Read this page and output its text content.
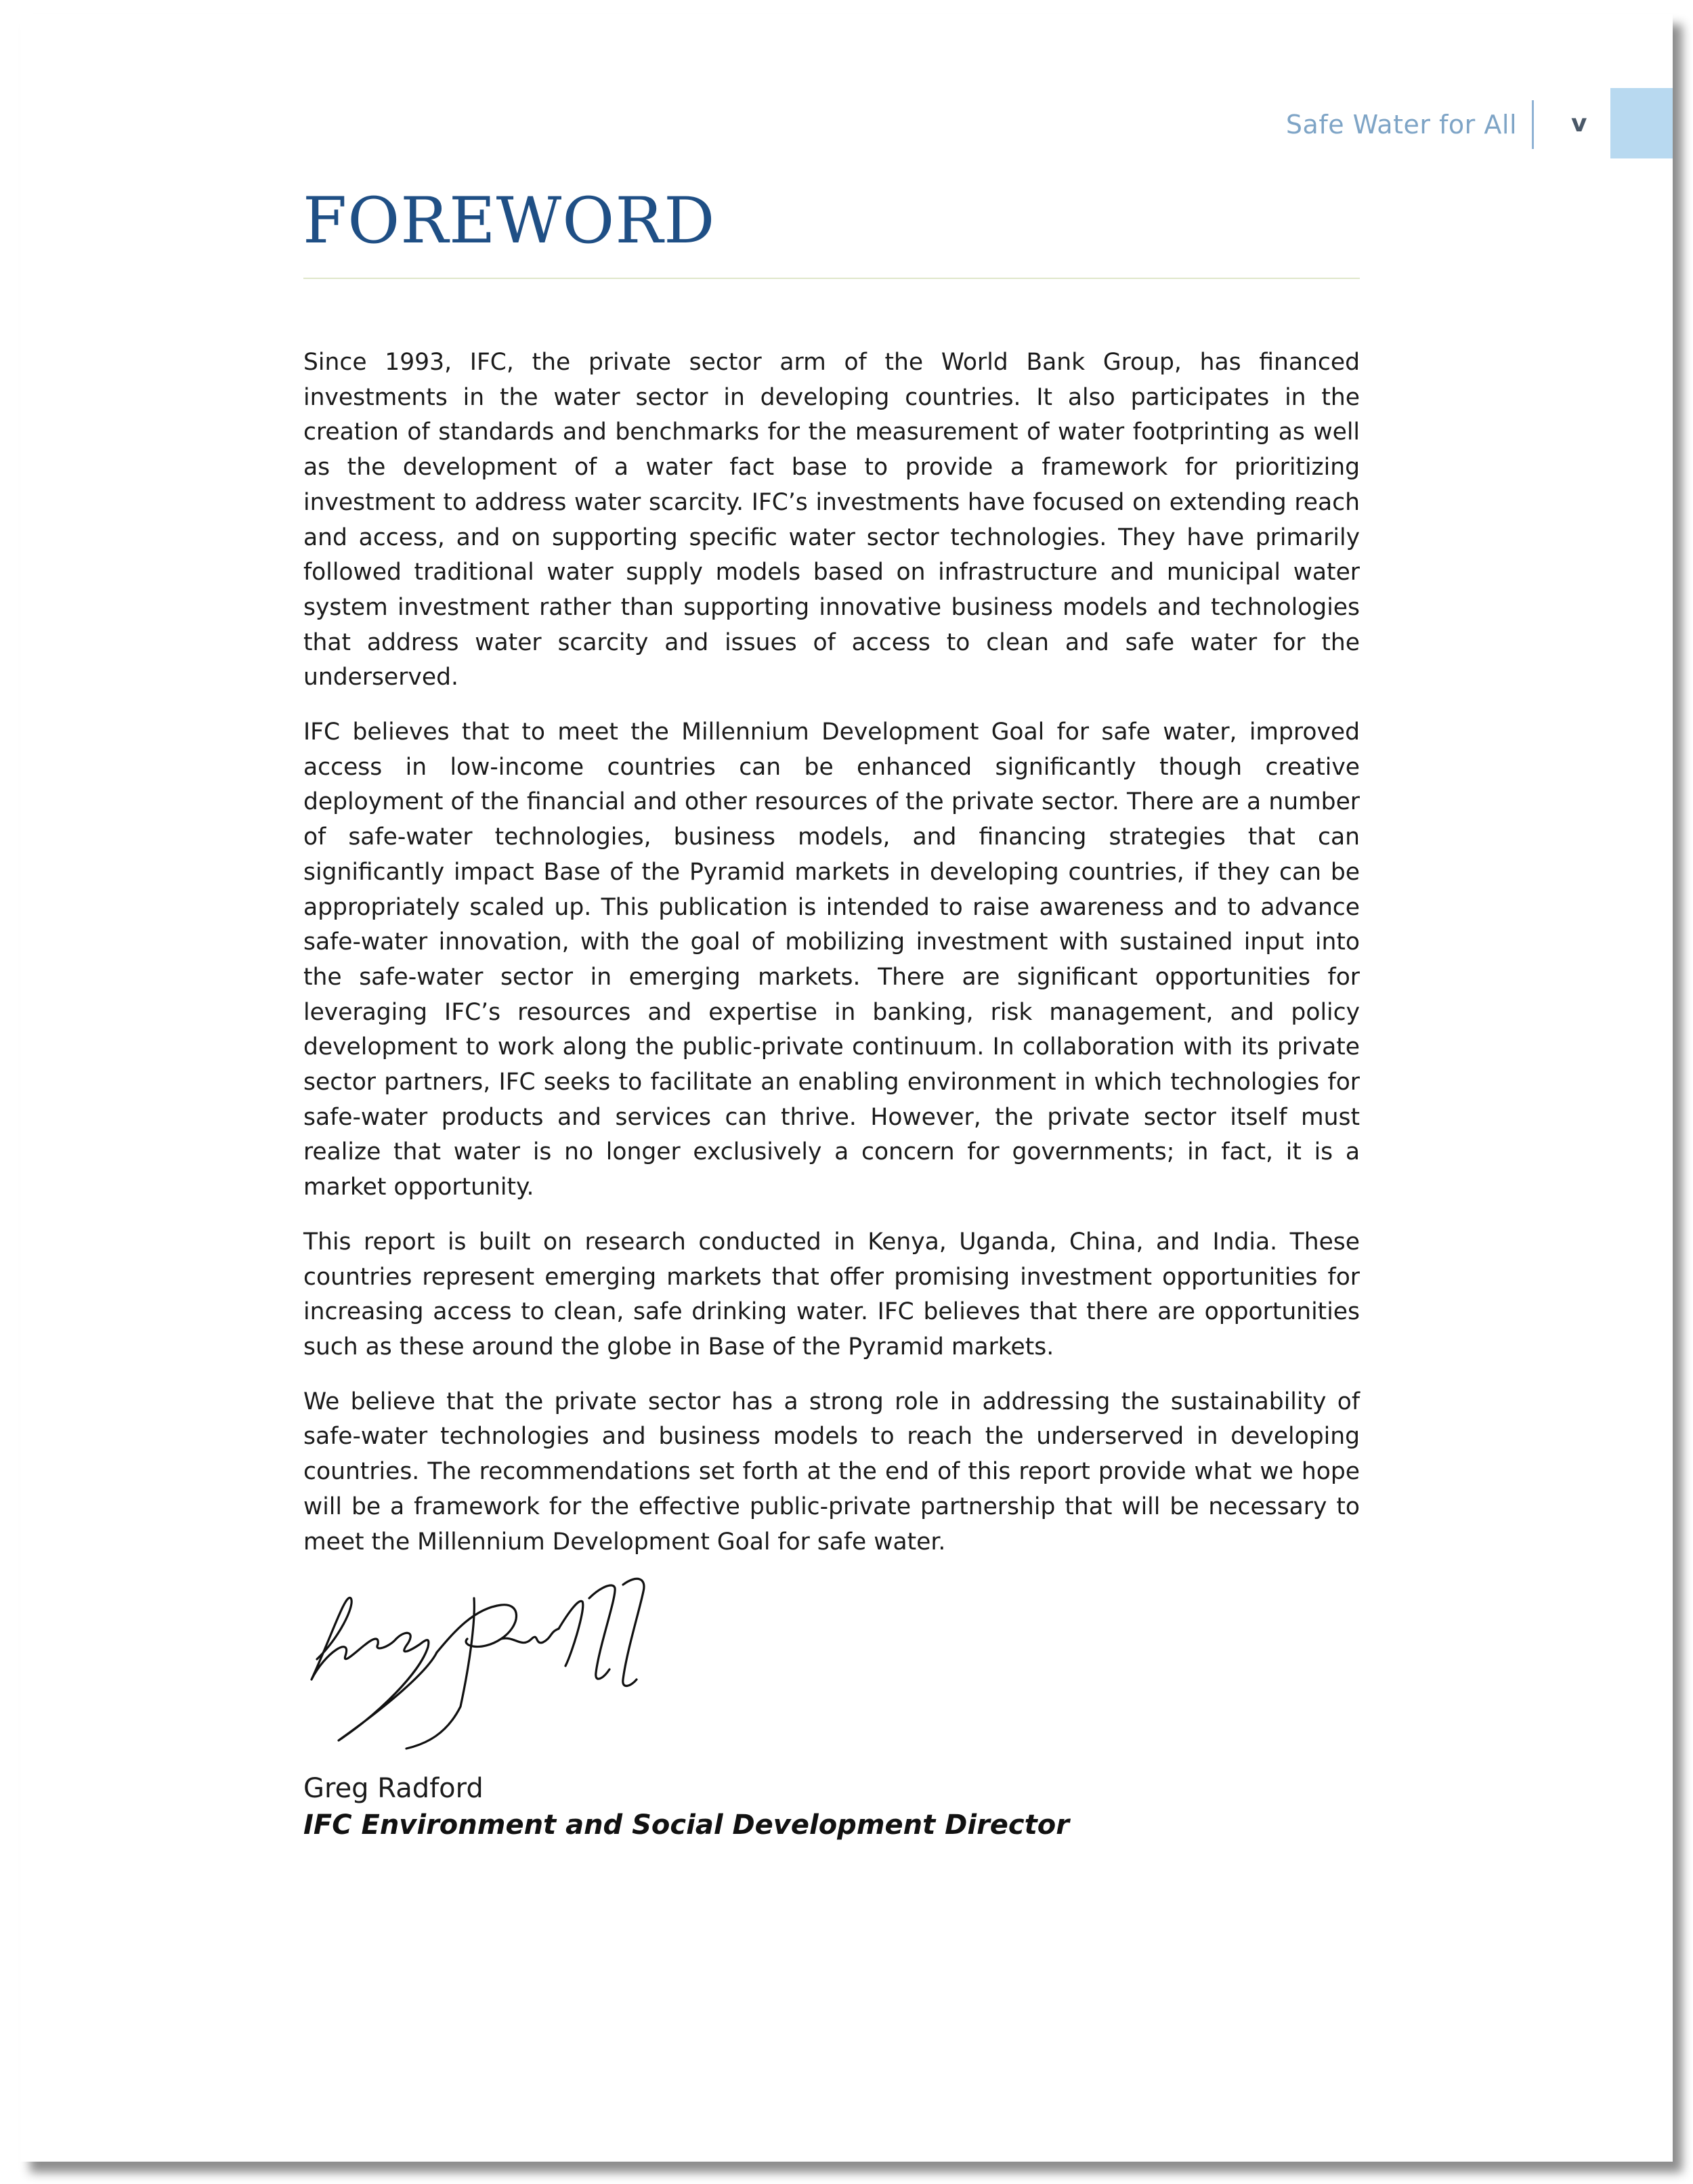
Safe Water for All v
FOREWORD

Since 1993, IFC, the private sector arm of the World Bank Group, has financed investments in the water sector in developing countries. It also participates in the creation of standards and benchmarks for the measurement of water footprinting as well as the development of a water fact base to provide a framework for prioritizing investment to address water scarcity. IFC’s investments have focused on extending reach and access, and on supporting specific water sector technologies. They have primarily followed traditional water supply models based on infrastructure and municipal water system investment rather than supporting innovative business models and technologies that address water scarcity and issues of access to clean and safe water for the underserved.

IFC believes that to meet the Millennium Development Goal for safe water, improved access in low-income countries can be enhanced significantly though creative deployment of the financial and other resources of the private sector. There are a number of safe-water technologies, business models, and financing strategies that can significantly impact Base of the Pyramid markets in developing countries, if they can be appropriately scaled up. This publication is intended to raise awareness and to advance safe-water innovation, with the goal of mobilizing investment with sustained input into the safe-water sector in emerging markets. There are significant opportunities for leveraging IFC’s resources and expertise in banking, risk management, and policy development to work along the public-private continuum. In collaboration with its private sector partners, IFC seeks to facilitate an enabling environment in which technologies for safe-water products and services can thrive. However, the private sector itself must realize that water is no longer exclusively a concern for governments; in fact, it is a market opportunity.

This report is built on research conducted in Kenya, Uganda, China, and India. These countries represent emerging markets that offer promising investment opportunities for increasing access to clean, safe drinking water. IFC believes that there are opportunities such as these around the globe in Base of the Pyramid markets.

We believe that the private sector has a strong role in addressing the sustainability of safe-water technologies and business models to reach the underserved in developing countries. The recommendations set forth at the end of this report provide what we hope will be a framework for the effective public-private partnership that will be necessary to meet the Millennium Development Goal for safe water.

Greg Radford
IFC Environment and Social Development Director
